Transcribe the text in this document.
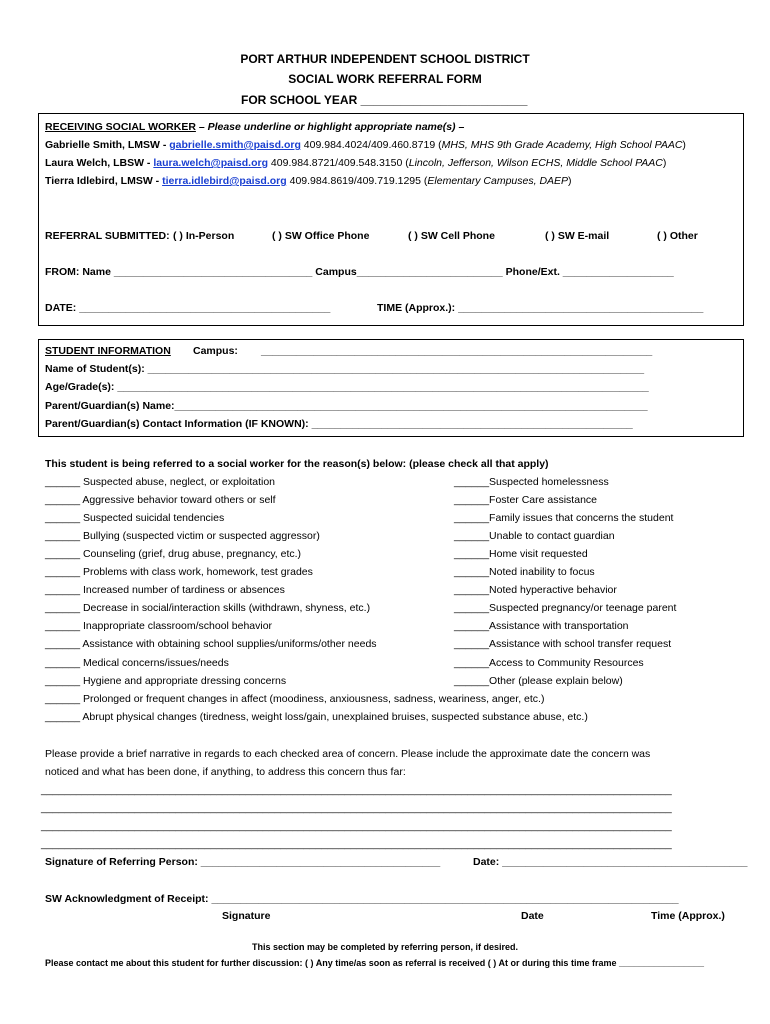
PORT ARTHUR INDEPENDENT SCHOOL DISTRICT
SOCIAL WORK REFERRAL FORM
FOR SCHOOL YEAR _________________________
RECEIVING SOCIAL WORKER – Please underline or highlight appropriate name(s) –
Gabrielle Smith, LMSW - gabrielle.smith@paisd.org 409.984.4024/409.460.8719 (MHS, MHS 9th Grade Academy, High School PAAC)
Laura Welch, LBSW - laura.welch@paisd.org 409.984.8721/409.548.3150 (Lincoln, Jefferson, Wilson ECHS, Middle School PAAC)
Tierra Idlebird, LMSW - tierra.idlebird@paisd.org 409.984.8619/409.719.1295 (Elementary Campuses, DAEP)
REFERRAL SUBMITTED: ( ) In-Person	( ) SW Office Phone	( ) SW Cell Phone	( ) SW E-mail	( ) Other
FROM: Name __________________________________ Campus_________________________ Phone/Ext. ___________________
DATE: ___________________________________________	TIME (Approx.): __________________________________________
STUDENT INFORMATION Campus: ___________________________________________________________________
Name of Student(s): _____________________________________________________________________________________
Age/Grade(s): ___________________________________________________________________________________________
Parent/Guardian(s) Name:_________________________________________________________________________________
Parent/Guardian(s) Contact Information (IF KNOWN): _______________________________________________________
This student is being referred to a social worker for the reason(s) below: (please check all that apply)
______ Suspected abuse, neglect, or exploitation
______ Aggressive behavior toward others or self
______ Suspected suicidal tendencies
______ Bullying (suspected victim or suspected aggressor)
______ Counseling (grief, drug abuse, pregnancy, etc.)
______ Problems with class work, homework, test grades
______ Increased number of tardiness or absences
______ Decrease in social/interaction skills (withdrawn, shyness, etc.)
______ Inappropriate classroom/school behavior
______ Assistance with obtaining school supplies/uniforms/other needs
______ Medical concerns/issues/needs
______ Hygiene and appropriate dressing concerns
______ Prolonged or frequent changes in affect (moodiness, anxiousness, sadness, weariness, anger, etc.)
______ Abrupt physical changes (tiredness, weight loss/gain, unexplained bruises, suspected substance abuse, etc.)
______Suspected homelessness
______Foster Care assistance
______Family issues that concerns the student
______Unable to contact guardian
______Home visit requested
______Noted inability to focus
______Noted hyperactive behavior
______Suspected pregnancy/or teenage parent
______Assistance with transportation
______Assistance with school transfer request
______Access to Community Resources
______Other (please explain below)
Please provide a brief narrative in regards to each checked area of concern. Please include the approximate date the concern was
noticed and what has been done, if anything, to address this concern thus far:
____________________________________________________________________________________________________________
____________________________________________________________________________________________________________
____________________________________________________________________________________________________________
____________________________________________________________________________________________________________
Signature of Referring Person: _________________________________________	Date: __________________________________________
SW Acknowledgment of Receipt: ________________________________________________________________________________
Signature	Date	Time (Approx.)
This section may be completed by referring person, if desired.
Please contact me about this student for further discussion: ( ) Any time/as soon as referral is received ( ) At or during this time frame _________________
